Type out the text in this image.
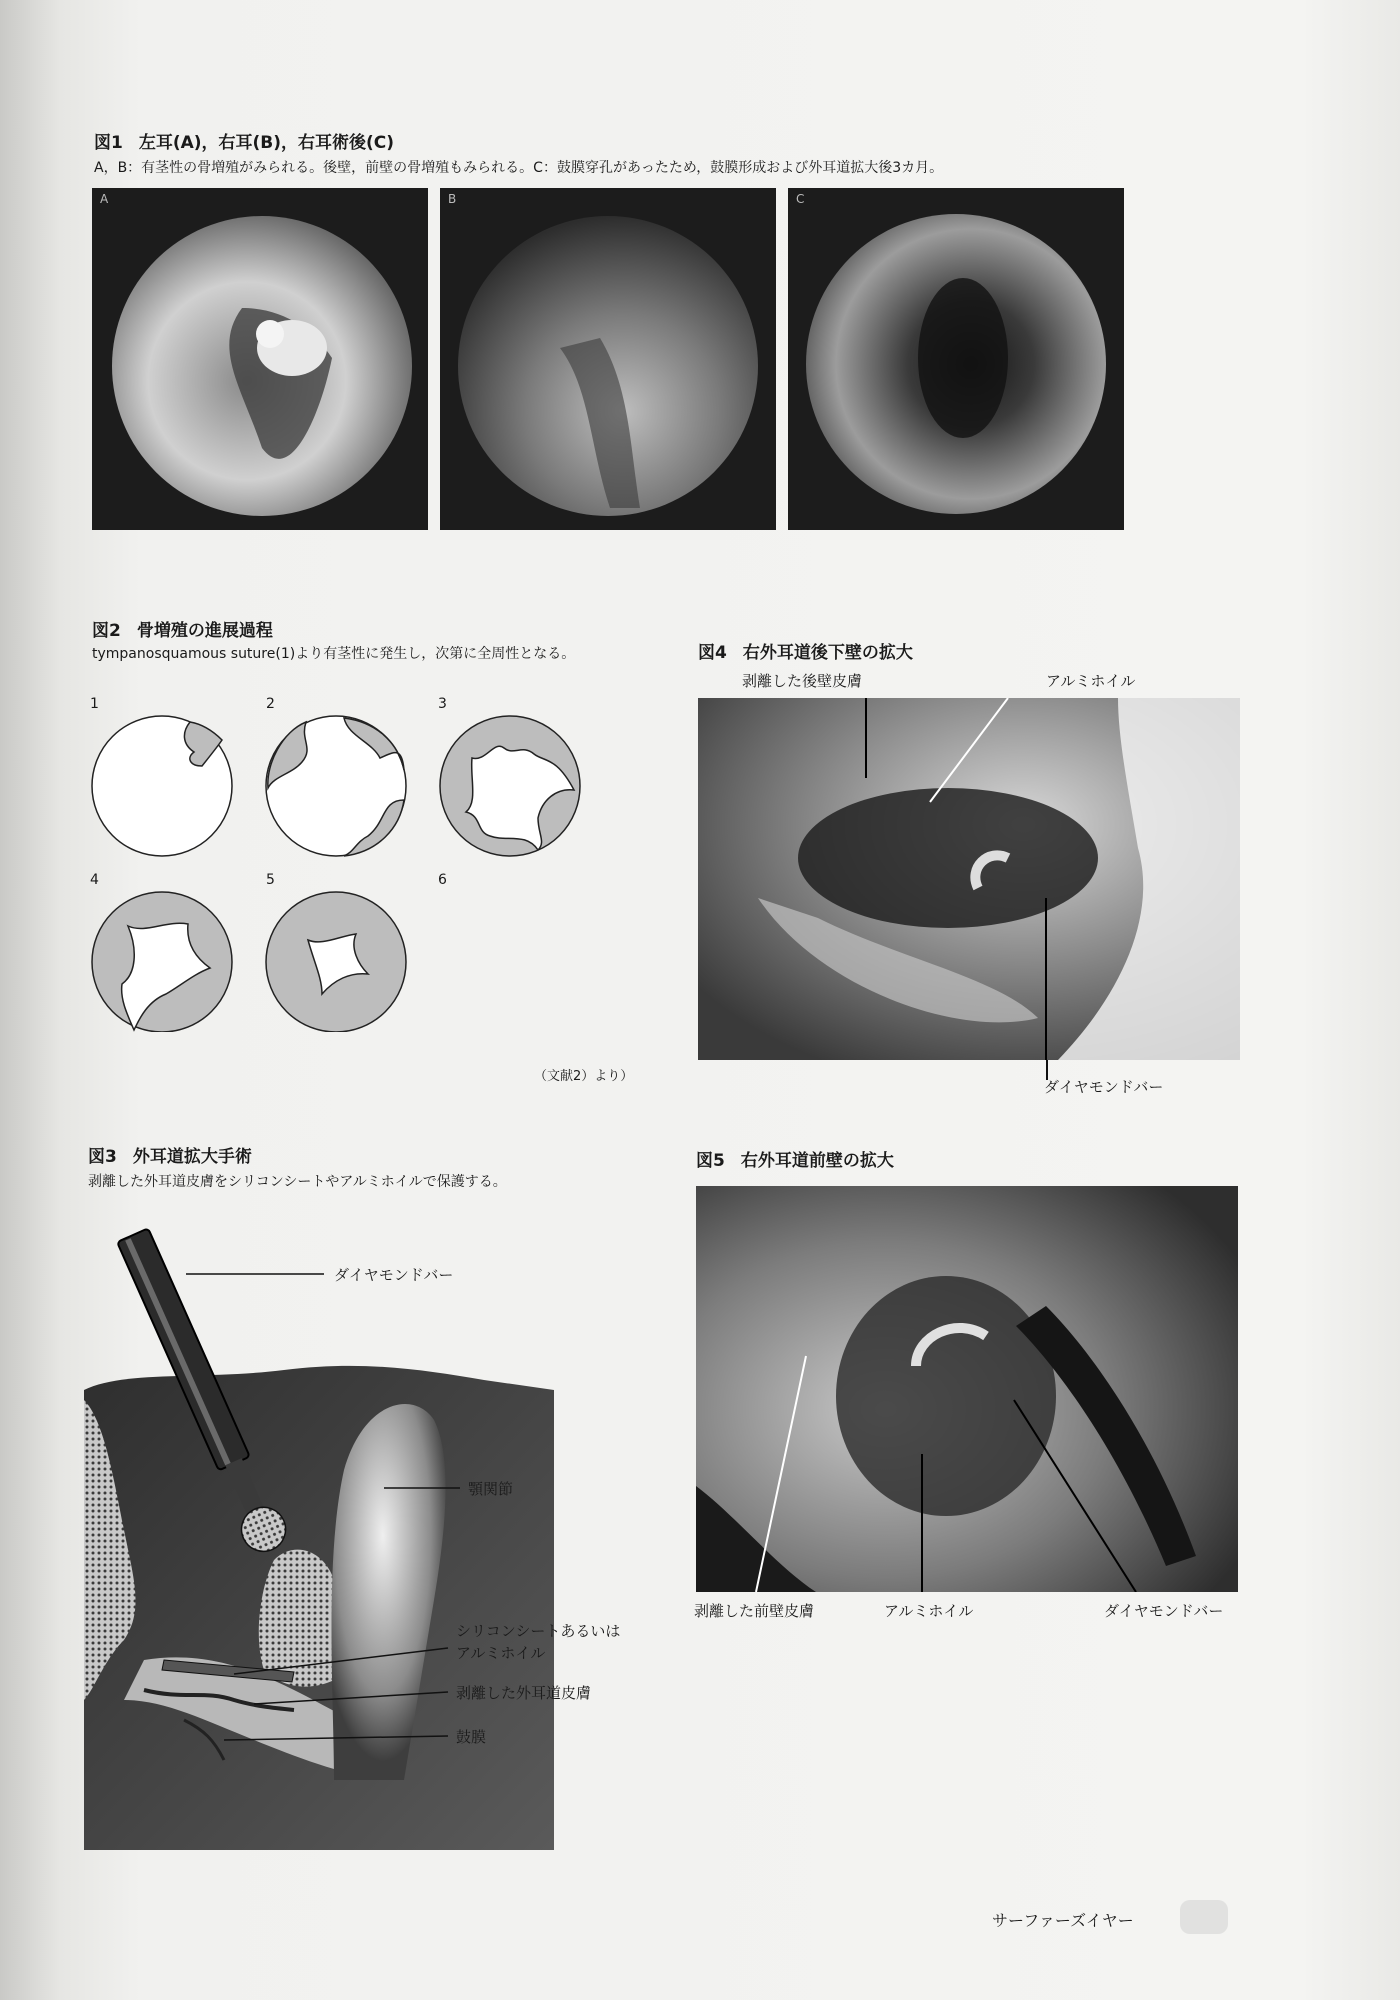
図1 左耳(A)，右耳(B)，右耳術後(C)
A，B：有茎性の骨増殖がみられる。後壁，前壁の骨増殖もみられる。C：鼓膜穿孔があったため，鼓膜形成および外耳道拡大後3カ月。
A	B	C
図2 骨増殖の進展過程
tympanosquamous suture(1)より有茎性に発生し，次第に全周性となる。
1	2	3
4	5	6
（文献2）より）
図3 外耳道拡大手術
剥離した外耳道皮膚をシリコンシートやアルミホイルで保護する。
ダイヤモンドバー
顎関節
シリコンシートあるいは
アルミホイル
剥離した外耳道皮膚
鼓膜
図4 右外耳道後下壁の拡大
剥離した後壁皮膚	アルミホイル
ダイヤモンドバー
図5 右外耳道前壁の拡大
剥離した前壁皮膚	アルミホイル	ダイヤモンドバー
サーファーズイヤー
